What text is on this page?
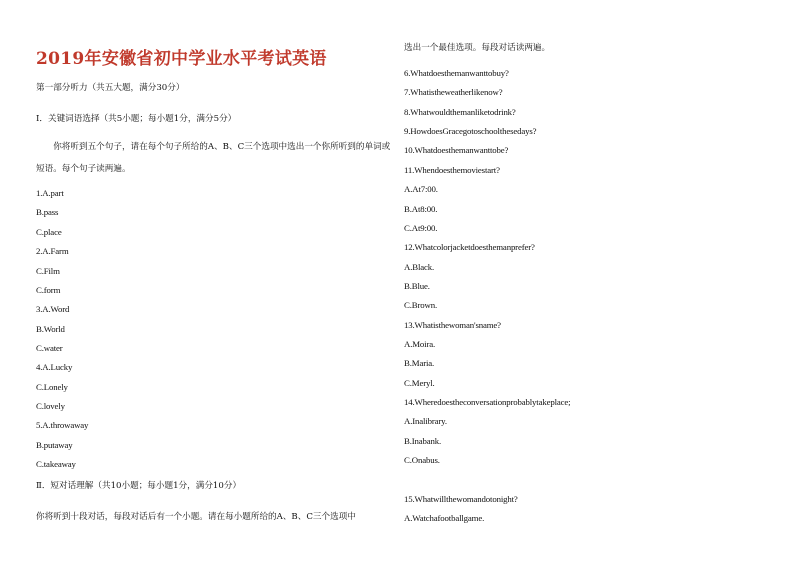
2019年安徽省初中学业水平考试英语
第一部分听力（共五大题，满分30分）
I．关键词语选择（共5小题；每小题1分，满分5分）
你将听到五个句子，请在每个句子所给的A、B、C三个选项中选出一个你所听到的单词或短语。每个句子读两遍。
1.A.part
B.pass
C.place
2.A.Farm
C.Film
C.form
3.A.Word
B.World
C.water
4.A.Lucky
C.Lonely
C.lovely
5.A.throwaway
B.putaway
C.takeaway
Ⅱ．短对话理解（共10小题；每小题1分，满分10分）
你将听到十段对话，每段对话后有一个小题。请在每小题所给的A、B、C三个选项中
选出一个最佳选项。每段对话读两遍。
6.Whatdoesthemanwanttobuy?
7.Whatistheweatherlikenow?
8.Whatwouldthemanliketodrink?
9.HowdoesGracegotoschoolthesedays?
10.Whatdoesthemanwanttobe?
11.Whendoesthemoviestart?
A.At7:00.
B.At8:00.
C.At9:00.
12.Whatcolorjacketdoesthemanprefer?
A.Black.
B.Blue.
C.Brown.
13.Whatisthewoman'sname?
A.Moira.
B.Maria.
C.Meryl.
14.Wheredoestheconversationprobablytakeplace;
A.Inalibrary.
B.Inabank.
C.Onabus.
15.Whatwillthewomandotonight?
A.Watchafootballgame.
